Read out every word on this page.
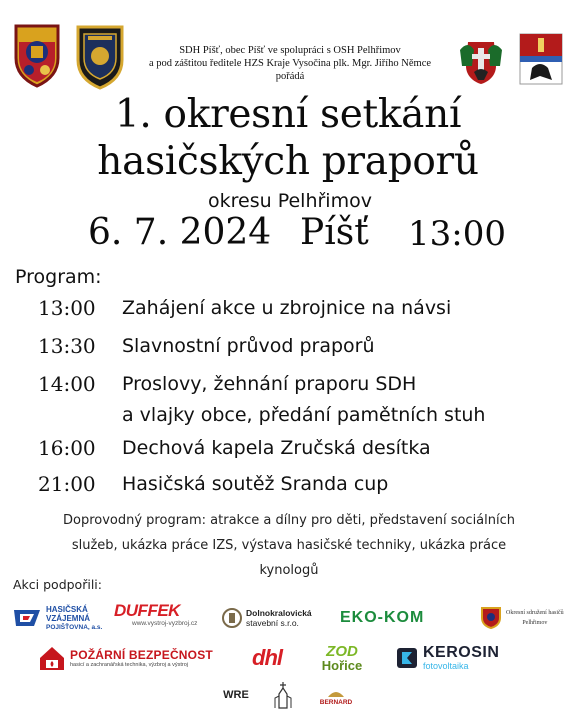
SDH Píšť, obec Píšť ve spolupráci s OSH Pelhřimov
a pod záštitou ředitele HZS Kraje Vysočina plk. Mgr. Jiřího Němce
pořádá
1. okresní setkání
hasičských praporů
okresu Pelhřimov
6. 7. 2024 Píšť 13:00
Program:
13:00 Zahájení akce u zbrojnice na návsi
13:30 Slavnostní průvod praporů
14:00 Proslovy, žehnání praporu SDH
a vlajky obce, předání pamětních stuh
16:00 Dechová kapela Zručská desítka
21:00 Hasičská soutěž Sranda cup
Doprovodný program: atrakce a dílny pro děti, představení sociálních
služeb, ukázka práce IZS, výstava hasičské techniky, ukázka práce
kynologů
Akci podpořili:
HASIČSKÁ
VZÁJEMNÁ
POJIŠŤOVNA, a.s.
DUFFEK
www.vystroj-vyzbroj.cz
Dolnokralovická
stavební s.r.o.	EKO-KOM	Okresní sdružení hasičů
Pelhřimov
POŽÁRNÍ BEZPEČNOST
hasicí a zachranářská technika, výzbroj a výstroj	dhl	ZOD
Hořice
KEROSIN
fotovoltaika
WRE
BERNARD
